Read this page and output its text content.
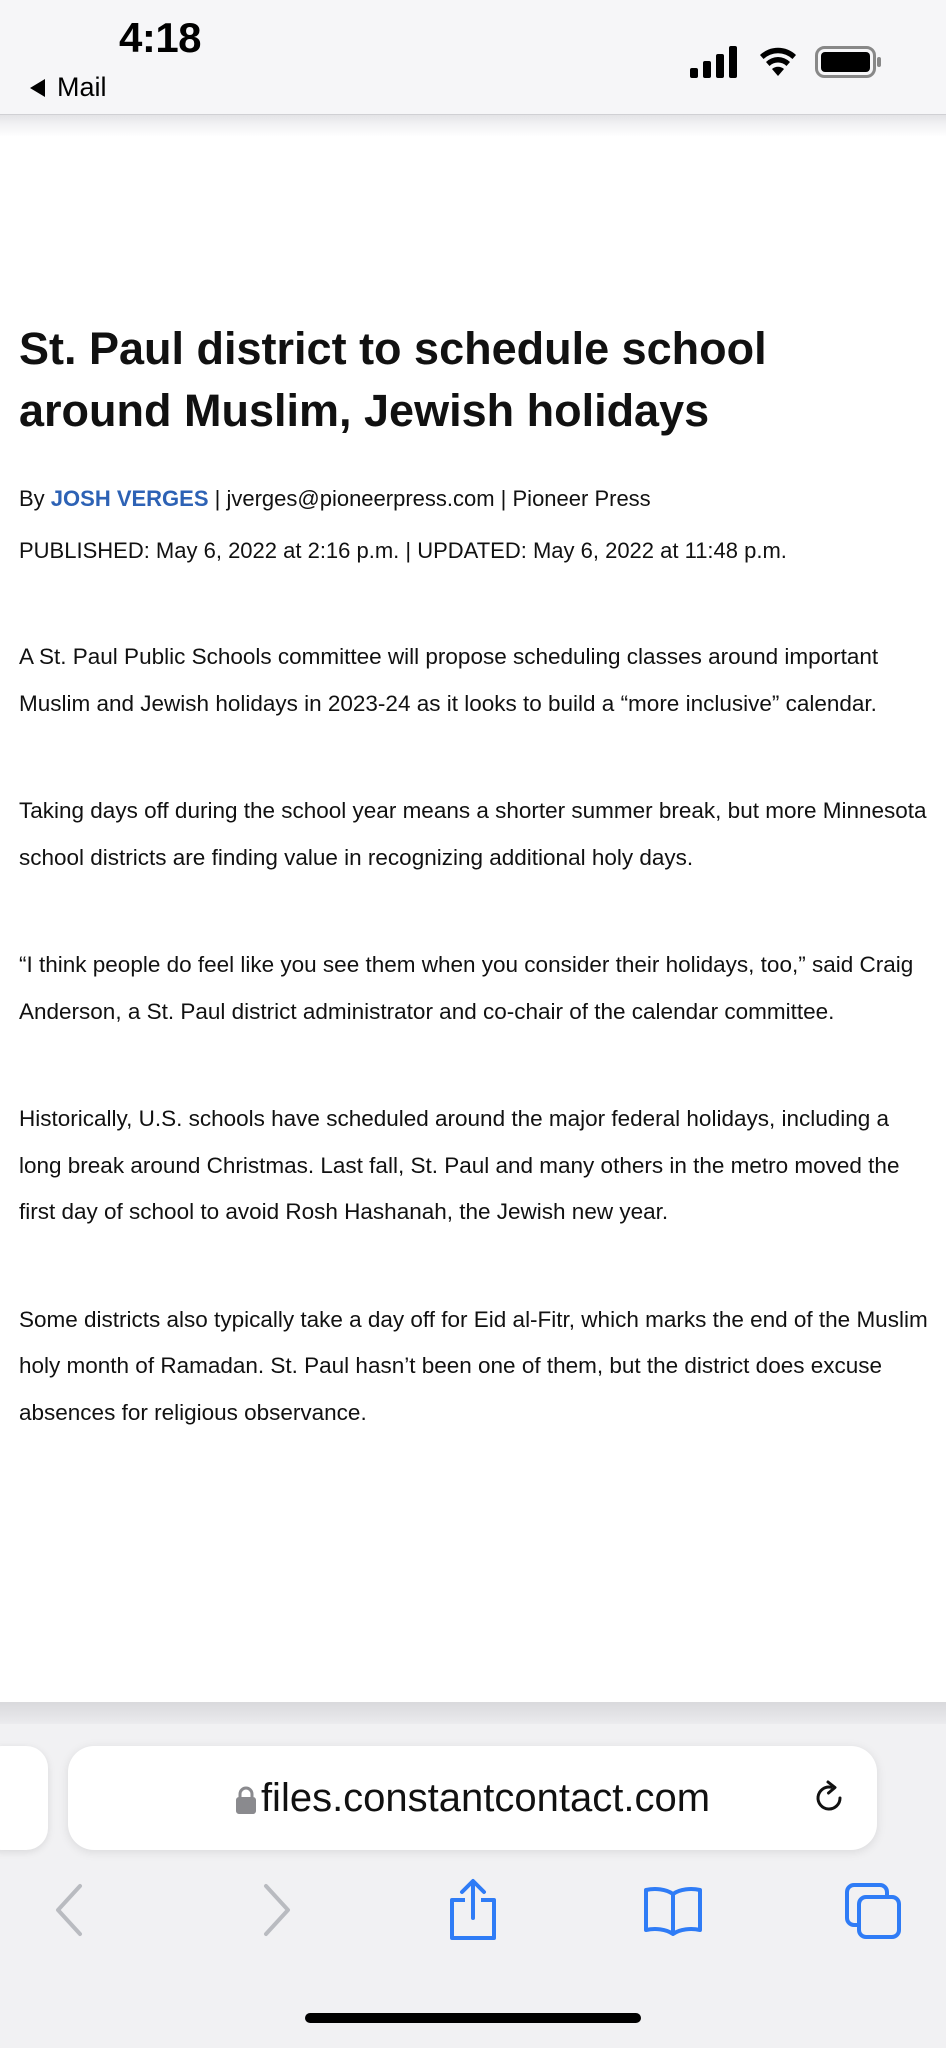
4:18
Mail
St. Paul district to schedule school around Muslim, Jewish holidays
By JOSH VERGES | jverges@pioneerpress.com | Pioneer Press
PUBLISHED: May 6, 2022 at 2:16 p.m. | UPDATED: May 6, 2022 at 11:48 p.m.

A St. Paul Public Schools committee will propose scheduling classes around important Muslim and Jewish holidays in 2023-24 as it looks to build a “more inclusive” calendar.

Taking days off during the school year means a shorter summer break, but more Minnesota school districts are finding value in recognizing additional holy days.

“I think people do feel like you see them when you consider their holidays, too,” said Craig Anderson, a St. Paul district administrator and co-chair of the calendar committee.

Historically, U.S. schools have scheduled around the major federal holidays, including a long break around Christmas. Last fall, St. Paul and many others in the metro moved the first day of school to avoid Rosh Hashanah, the Jewish new year.

Some districts also typically take a day off for Eid al-Fitr, which marks the end of the Muslim holy month of Ramadan. St. Paul hasn’t been one of them, but the district does excuse absences for religious observance.

files.constantcontact.com
